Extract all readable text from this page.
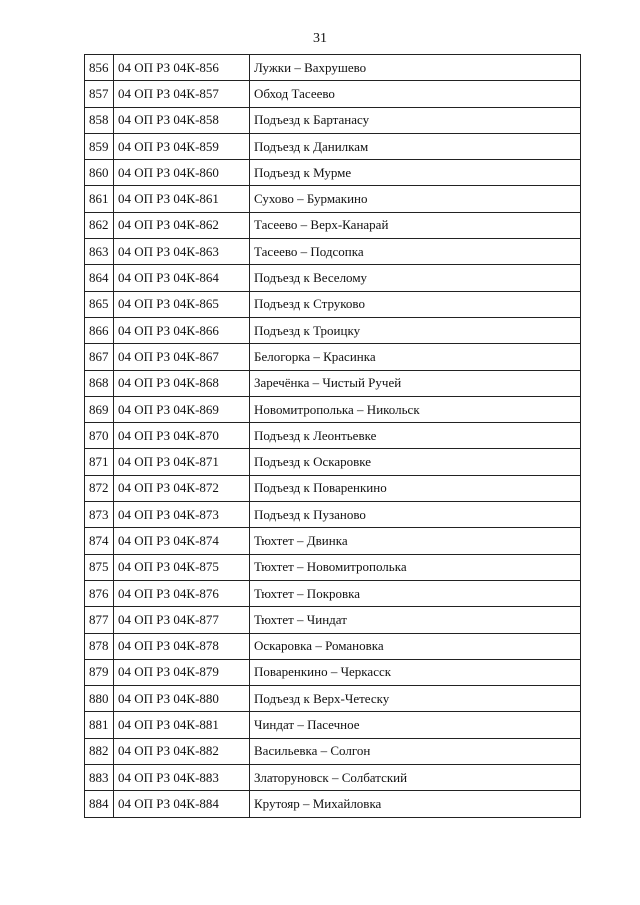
31
856	04 ОП РЗ 04К-856	Лужки – Вахрушево
857	04 ОП РЗ 04К-857	Обход Тасеево
858	04 ОП РЗ 04К-858	Подъезд к Бартанасу
859	04 ОП РЗ 04К-859	Подъезд к Данилкам
860	04 ОП РЗ 04К-860	Подъезд к Мурме
861	04 ОП РЗ 04К-861	Сухово – Бурмакино
862	04 ОП РЗ 04К-862	Тасеево – Верх-Канарай
863	04 ОП РЗ 04К-863	Тасеево – Подсопка
864	04 ОП РЗ 04К-864	Подъезд к Веселому
865	04 ОП РЗ 04К-865	Подъезд к Струково
866	04 ОП РЗ 04К-866	Подъезд к Троицку
867	04 ОП РЗ 04К-867	Белогорка – Красинка
868	04 ОП РЗ 04К-868	Заречёнка – Чистый Ручей
869	04 ОП РЗ 04К-869	Новомитрополька – Никольск
870	04 ОП РЗ 04К-870	Подъезд к Леонтьевке
871	04 ОП РЗ 04К-871	Подъезд к Оскаровке
872	04 ОП РЗ 04К-872	Подъезд к Поваренкино
873	04 ОП РЗ 04К-873	Подъезд к Пузаново
874	04 ОП РЗ 04К-874	Тюхтет – Двинка
875	04 ОП РЗ 04К-875	Тюхтет – Новомитрополька
876	04 ОП РЗ 04К-876	Тюхтет – Покровка
877	04 ОП РЗ 04К-877	Тюхтет – Чиндат
878	04 ОП РЗ 04К-878	Оскаровка – Романовка
879	04 ОП РЗ 04К-879	Поваренкино – Черкасск
880	04 ОП РЗ 04К-880	Подъезд к Верх-Четеску
881	04 ОП РЗ 04К-881	Чиндат – Пасечное
882	04 ОП РЗ 04К-882	Васильевка – Солгон
883	04 ОП РЗ 04К-883	Златоруновск – Солбатский
884	04 ОП РЗ 04К-884	Крутояр – Михайловка
